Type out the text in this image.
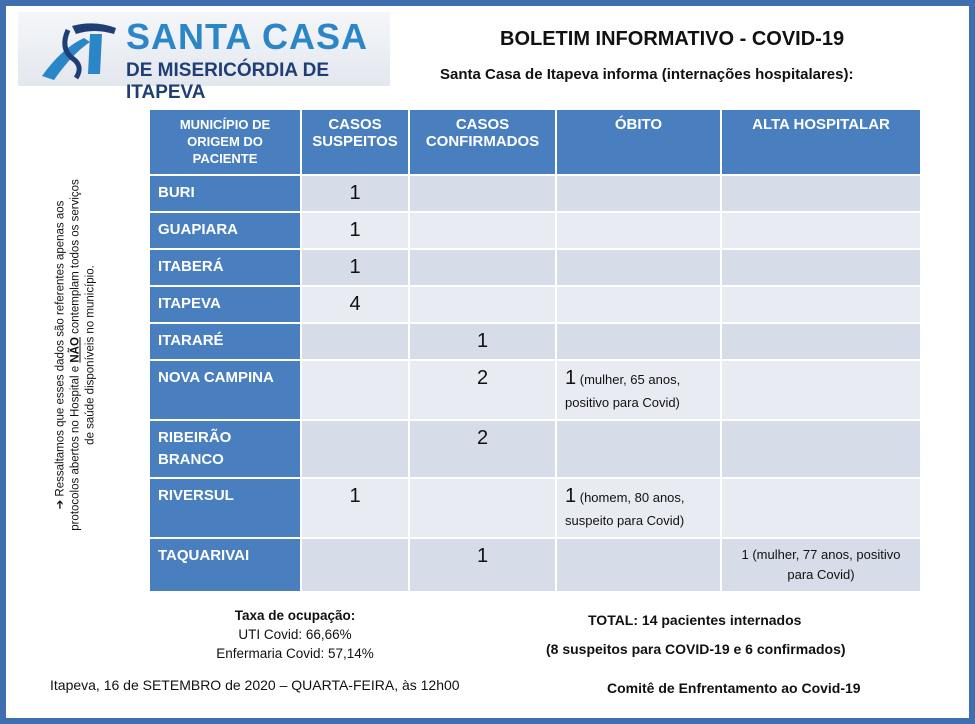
SANTA CASA
DE MISERICÓRDIA DE ITAPEVA
BOLETIM INFORMATIVO - COVID-19
Santa Casa de Itapeva informa (internações hospitalares):
➔ Ressaltamos que esses dados são referentes apenas aos protocolos abertos no Hospital e NÃO contemplam todos os serviços de saúde disponíveis no município.
MUNICÍPIO DE ORIGEM DO PACIENTE	CASOS SUSPEITOS	CASOS CONFIRMADOS	ÓBITO	ALTA HOSPITALAR
BURI	1			
GUAPIARA	1			
ITABERÁ	1			
ITAPEVA	4			
ITARARÉ		1		
NOVA CAMPINA		2	1 (mulher, 65 anos, positivo para Covid)	
RIBEIRÃO BRANCO		2		
RIVERSUL	1		1 (homem, 80 anos, suspeito para Covid)	
TAQUARIVAI		1		1 (mulher, 77 anos, positivo para Covid)
Taxa de ocupação:
UTI Covid: 66,66%
Enfermaria Covid: 57,14%
TOTAL: 14 pacientes internados
(8 suspeitos para COVID-19 e 6 confirmados)
Itapeva, 16 de SETEMBRO de 2020 – QUARTA-FEIRA, às 12h00	Comitê de Enfrentamento ao Covid-19
